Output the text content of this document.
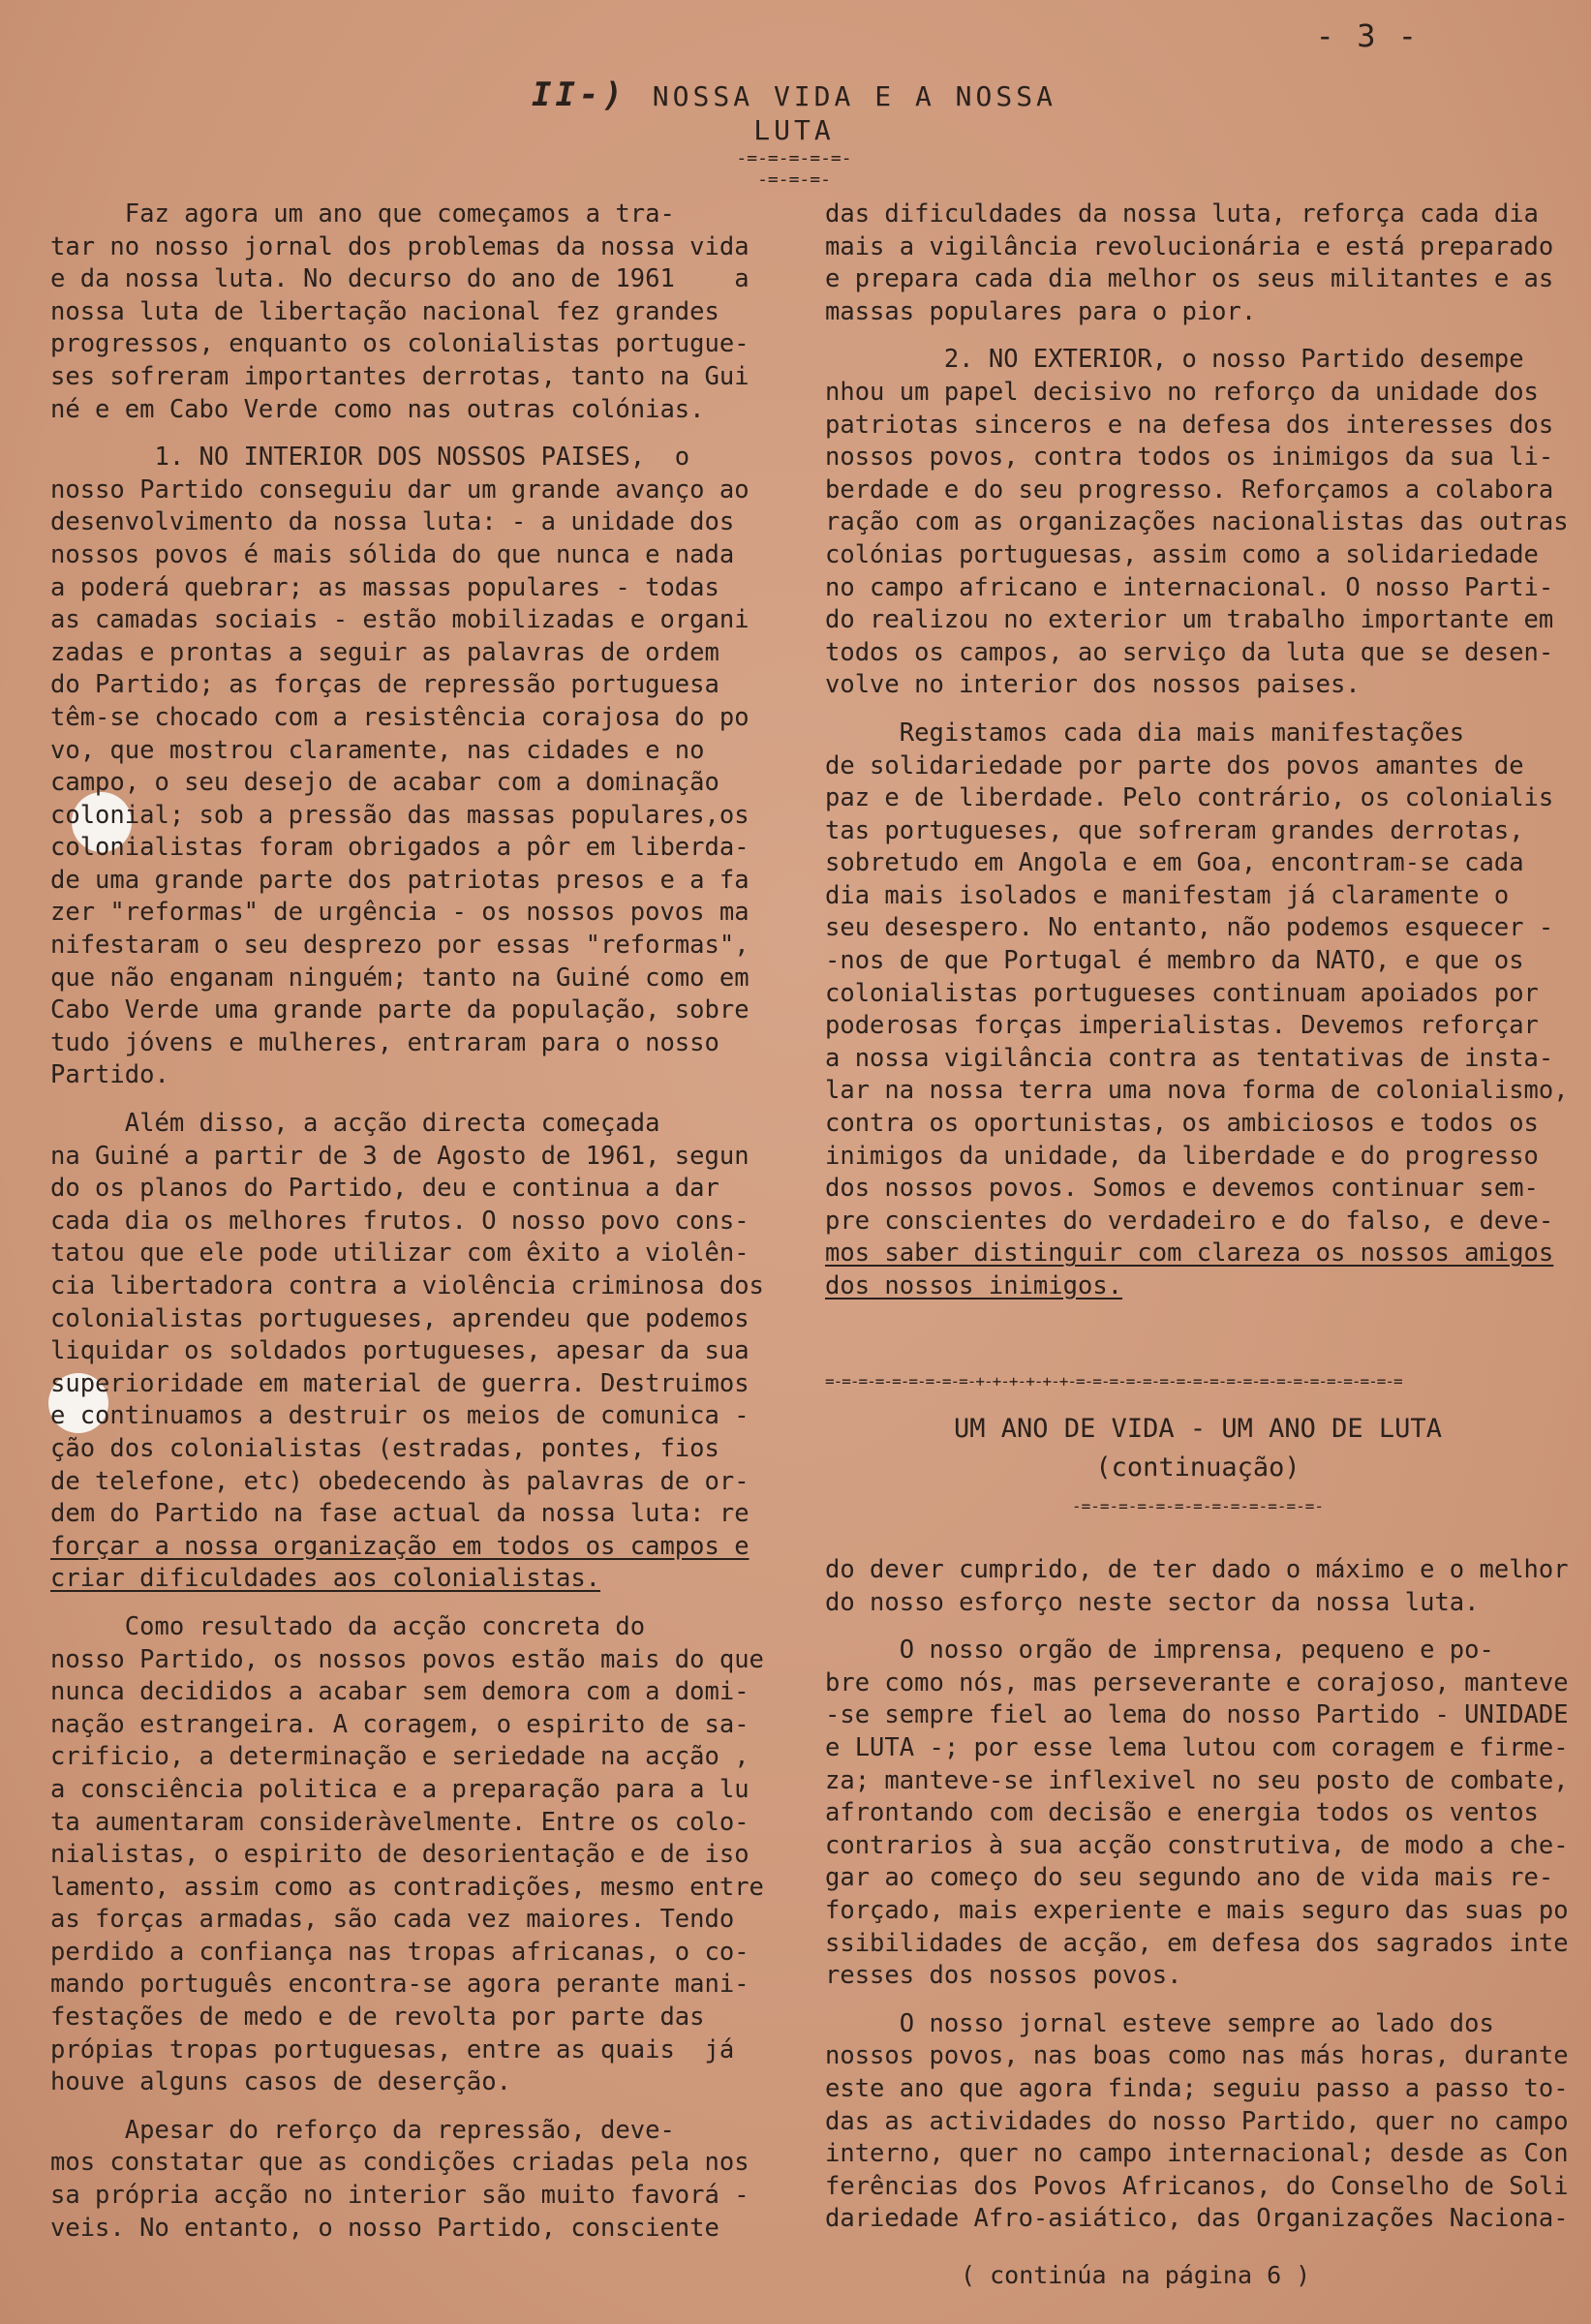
- 3 -
II-) NOSSA VIDA E A NOSSA LUTA
-=-=-=-=-=-
-=-=-=-

Faz agora um ano que começamos a tra-
tar no nosso jornal dos problemas da nossa vida
e da nossa luta. No decurso do ano de 1961    a
nossa luta de libertação nacional fez grandes
progressos, enquanto os colonialistas portugue-
ses sofreram importantes derrotas, tanto na Gui
né e em Cabo Verde como nas outras colónias.

1. NO INTERIOR DOS NOSSOS PAISES,  o
nosso Partido conseguiu dar um grande avanço ao
desenvolvimento da nossa luta: - a unidade dos
nossos povos é mais sólida do que nunca e nada
a poderá quebrar; as massas populares - todas
as camadas sociais - estão mobilizadas e organi
zadas e prontas a seguir as palavras de ordem
do Partido; as forças de repressão portuguesa
têm-se chocado com a resistência corajosa do po
vo, que mostrou claramente, nas cidades e no
campo, o seu desejo de acabar com a dominação
colonial; sob a pressão das massas populares,os
colonialistas foram obrigados a pôr em liberda-
de uma grande parte dos patriotas presos e a fa
zer "reformas" de urgência - os nossos povos ma
nifestaram o seu desprezo por essas "reformas",
que não enganam ninguém; tanto na Guiné como em
Cabo Verde uma grande parte da população, sobre
tudo jóvens e mulheres, entraram para o nosso
Partido.

Além disso, a acção directa começada
na Guiné a partir de 3 de Agosto de 1961, segun
do os planos do Partido, deu e continua a dar
cada dia os melhores frutos. O nosso povo cons-
tatou que ele pode utilizar com êxito a violên-
cia libertadora contra a violência criminosa dos
colonialistas portugueses, aprendeu que podemos
liquidar os soldados portugueses, apesar da sua
superioridade em material de guerra. Destruimos
e continuamos a destruir os meios de comunica -
ção dos colonialistas (estradas, pontes, fios
de telefone, etc) obedecendo às palavras de or-
dem do Partido na fase actual da nossa luta: re

forçar a nossa organização em todos os campos e
criar dificuldades aos colonialistas.

Como resultado da acção concreta do
nosso Partido, os nossos povos estão mais do que
nunca decididos a acabar sem demora com a domi-
nação estrangeira. A coragem, o espirito de sa-
crificio, a determinação e seriedade na acção ,
a consciência politica e a preparação para a lu
ta aumentaram consideràvelmente. Entre os colo-
nialistas, o espirito de desorientação e de iso
lamento, assim como as contradições, mesmo entre
as forças armadas, são cada vez maiores. Tendo
perdido a confiança nas tropas africanas, o co-
mando português encontra-se agora perante mani-
festações de medo e de revolta por parte das
própias tropas portuguesas, entre as quais  já
houve alguns casos de deserção.

Apesar do reforço da repressão, deve-
mos constatar que as condições criadas pela nos
sa própria acção no interior são muito favorá -
veis. No entanto, o nosso Partido, consciente

das dificuldades da nossa luta, reforça cada dia
mais a vigilância revolucionária e está preparado
e prepara cada dia melhor os seus militantes e as
massas populares para o pior.

2. NO EXTERIOR, o nosso Partido desempe
nhou um papel decisivo no reforço da unidade dos
patriotas sinceros e na defesa dos interesses dos
nossos povos, contra todos os inimigos da sua li-
berdade e do seu progresso. Reforçamos a colabora
ração com as organizações nacionalistas das outras
colónias portuguesas, assim como a solidariedade
no campo africano e internacional. O nosso Parti-
do realizou no exterior um trabalho importante em
todos os campos, ao serviço da luta que se desen-
volve no interior dos nossos paises.

Registamos cada dia mais manifestações
de solidariedade por parte dos povos amantes de
paz e de liberdade. Pelo contrário, os colonialis
tas portugueses, que sofreram grandes derrotas,
sobretudo em Angola e em Goa, encontram-se cada
dia mais isolados e manifestam já claramente o
seu desespero. No entanto, não podemos esquecer -
-nos de que Portugal é membro da NATO, e que os
colonialistas portugueses continuam apoiados por
poderosas forças imperialistas. Devemos reforçar
a nossa vigilância contra as tentativas de insta-
lar na nossa terra uma nova forma de colonialismo,
contra os oportunistas, os ambiciosos e todos os
inimigos da unidade, da liberdade e do progresso
dos nossos povos. Somos e devemos continuar sem-
pre conscientes do verdadeiro e do falso, e deve-

mos saber distinguir com clareza os nossos amigos
dos nossos inimigos.

=-=-=-=-=-=-=-=-=-+-+-+-+-+-+-=-=-=-=-=-=-=-=-=-=-=-=-=-=-=-=-=-=-=-=
UM ANO DE VIDA - UM ANO DE LUTA
(continuação)
-=-=-=-=-=-=-=-=-=-=-=-=-=-

do dever cumprido, de ter dado o máximo e o melhor
do nosso esforço neste sector da nossa luta.

O nosso orgão de imprensa, pequeno e po-
bre como nós, mas perseverante e corajoso, manteve
-se sempre fiel ao lema do nosso Partido - UNIDADE
e LUTA -; por esse lema lutou com coragem e firme-
za; manteve-se inflexivel no seu posto de combate,
afrontando com decisão e energia todos os ventos
contrarios à sua acção construtiva, de modo a che-
gar ao começo do seu segundo ano de vida mais re-
forçado, mais experiente e mais seguro das suas po
ssibilidades de acção, em defesa dos sagrados inte
resses dos nossos povos.

O nosso jornal esteve sempre ao lado dos
nossos povos, nas boas como nas más horas, durante
este ano que agora finda; seguiu passo a passo to-
das as actividades do nosso Partido, quer no campo
interno, quer no campo internacional; desde as Con
ferências dos Povos Africanos, do Conselho de Soli
dariedade Afro-asiático, das Organizações Naciona-

( continúa na página 6 )
